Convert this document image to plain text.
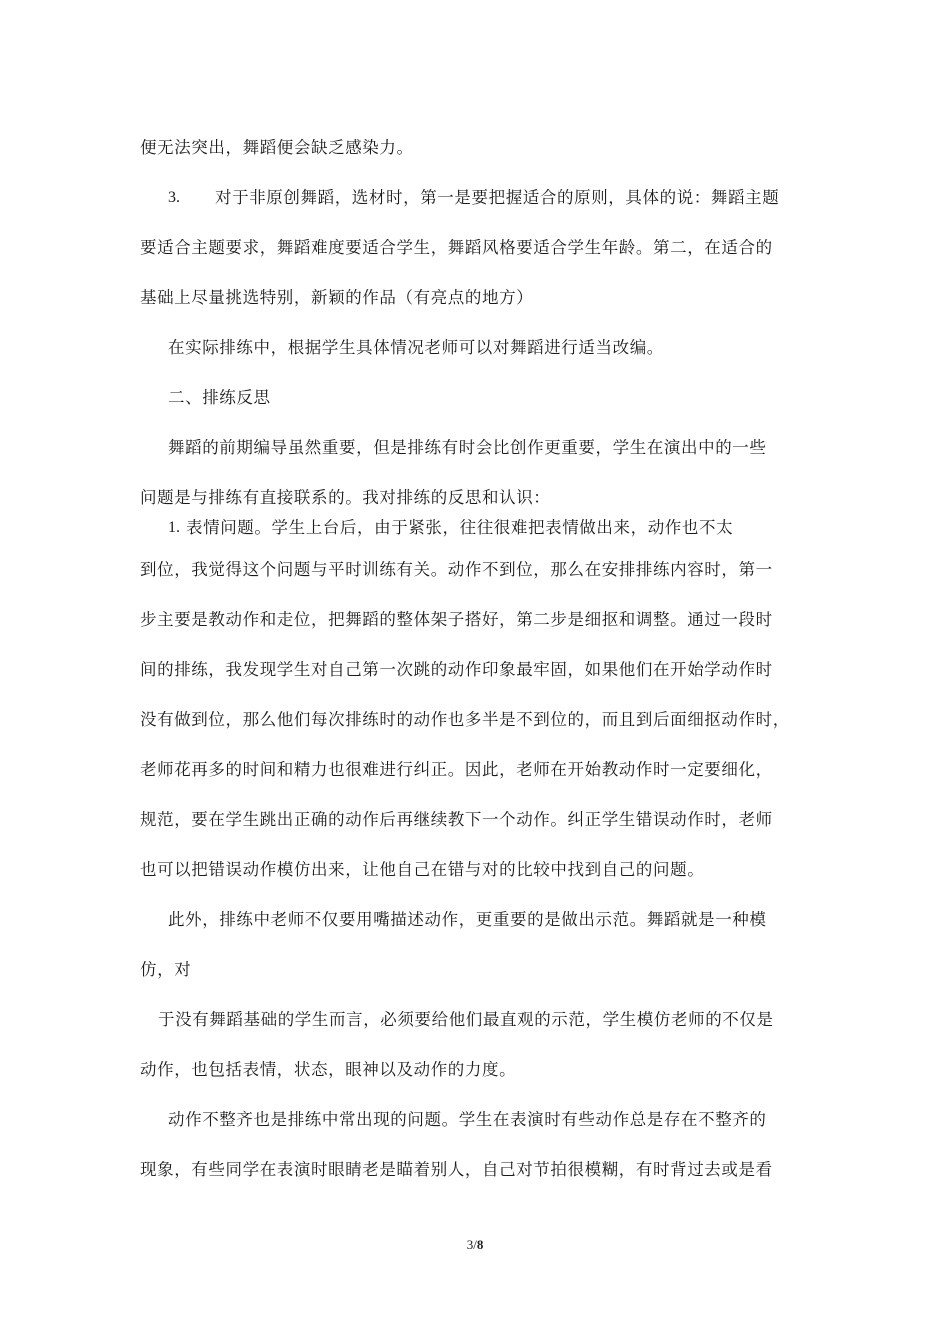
便无法突出，舞蹈便会缺乏感染力。
3. 对于非原创舞蹈，选材时，第一是要把握适合的原则，具体的说：舞蹈主题
要适合主题要求，舞蹈难度要适合学生，舞蹈风格要适合学生年龄。第二，在适合的
基础上尽量挑选特别，新颖的作品（有亮点的地方）
在实际排练中，根据学生具体情况老师可以对舞蹈进行适当改编。
二、排练反思
舞蹈的前期编导虽然重要，但是排练有时会比创作更重要，学生在演出中的一些
问题是与排练有直接联系的。我对排练的反思和认识：
1. 表情问题。学生上台后，由于紧张，往往很难把表情做出来，动作也不太
到位，我觉得这个问题与平时训练有关。动作不到位，那么在安排排练内容时，第一
步主要是教动作和走位，把舞蹈的整体架子搭好，第二步是细抠和调整。通过一段时
间的排练，我发现学生对自己第一次跳的动作印象最牢固，如果他们在开始学动作时
没有做到位，那么他们每次排练时的动作也多半是不到位的，而且到后面细抠动作时，
老师花再多的时间和精力也很难进行纠正。因此，老师在开始教动作时一定要细化，
规范，要在学生跳出正确的动作后再继续教下一个动作。纠正学生错误动作时，老师
也可以把错误动作模仿出来，让他自己在错与对的比较中找到自己的问题。
此外，排练中老师不仅要用嘴描述动作，更重要的是做出示范。舞蹈就是一种模
仿，对
于没有舞蹈基础的学生而言，必须要给他们最直观的示范，学生模仿老师的不仅是
动作，也包括表情，状态，眼神以及动作的力度。
动作不整齐也是排练中常出现的问题。学生在表演时有些动作总是存在不整齐的
现象，有些同学在表演时眼睛老是瞄着别人，自己对节拍很模糊，有时背过去或是看
3/8
